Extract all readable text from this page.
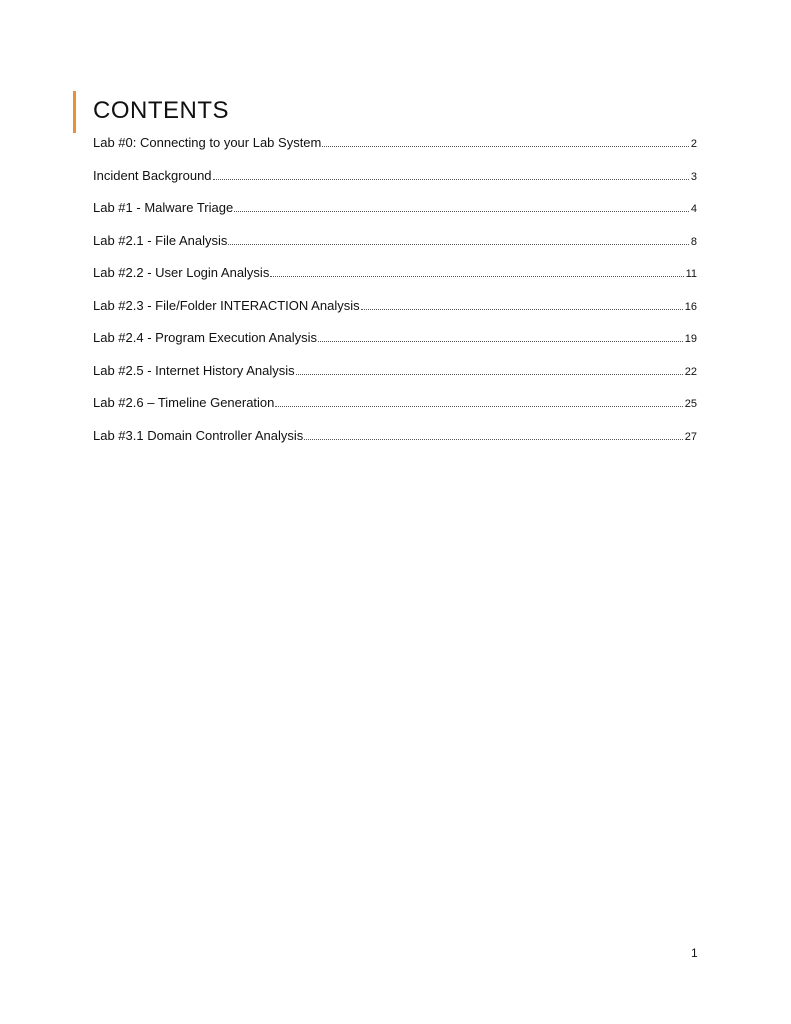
CONTENTS
Lab #0: Connecting to your Lab System	2
Incident Background	3
Lab #1 - Malware Triage	4
Lab #2.1 - File Analysis	8
Lab #2.2 - User Login Analysis	11
Lab #2.3 - File/Folder INTERACTION Analysis	16
Lab #2.4 - Program Execution Analysis	19
Lab #2.5 - Internet History Analysis	22
Lab #2.6 – Timeline Generation	25
Lab #3.1 Domain Controller Analysis	27
1
